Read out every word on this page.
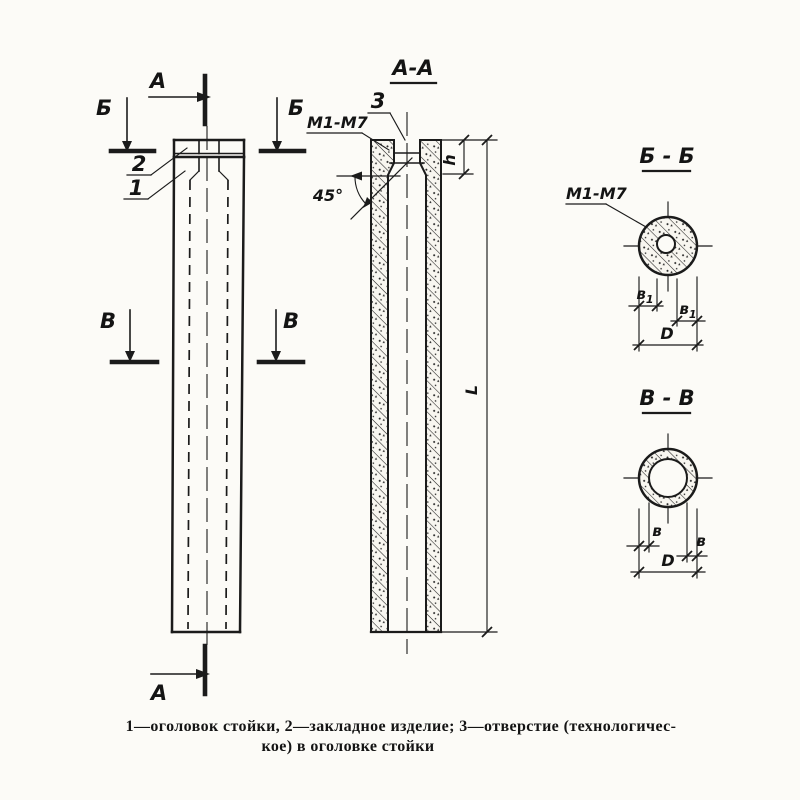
А
А
Б	Б
В	В
2
1
А-А
3
М1-М7
45°
h
L
Б - Б
М1-М7
$в_1$
$в_1$
D
В - В
в
в
D
1—оголовок стойки, 2—закладное изделие; 3—отверстие (технологичес-
кое) в оголовке стойки
